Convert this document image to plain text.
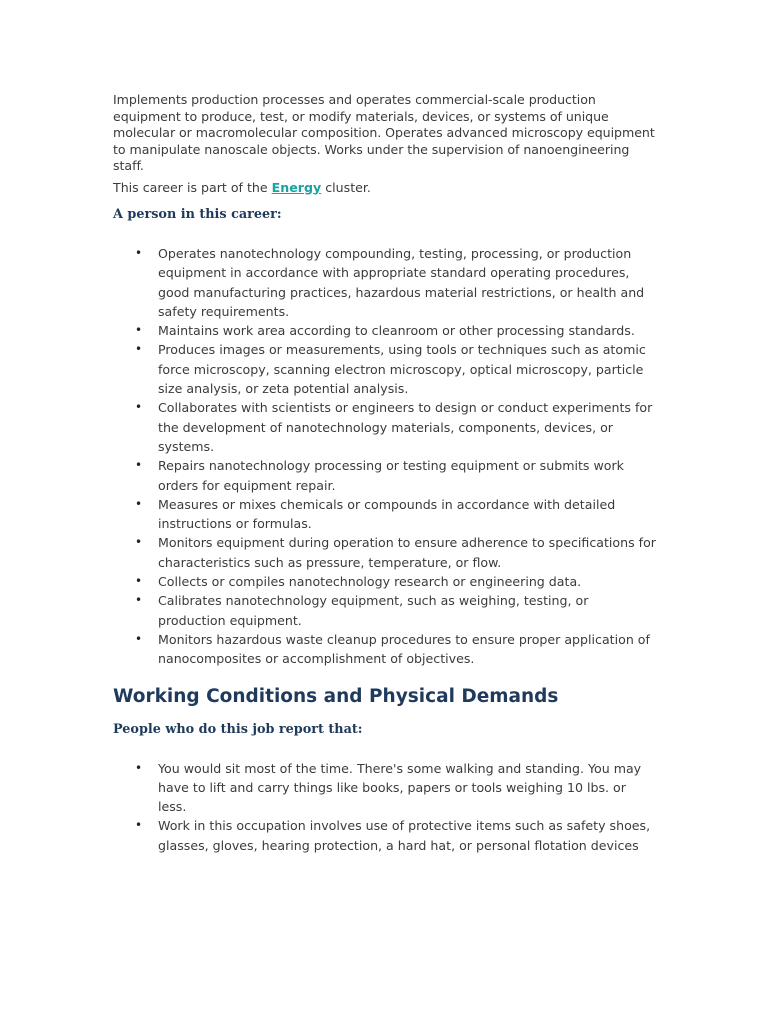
Implements production processes and operates commercial-scale production equipment to produce, test, or modify materials, devices, or systems of unique molecular or macromolecular composition. Operates advanced microscopy equipment to manipulate nanoscale objects. Works under the supervision of nanoengineering staff.

This career is part of the Energy cluster.

A person in this career:
• Operates nanotechnology compounding, testing, processing, or production equipment in accordance with appropriate standard operating procedures, good manufacturing practices, hazardous material restrictions, or health and safety requirements.
• Maintains work area according to cleanroom or other processing standards.
• Produces images or measurements, using tools or techniques such as atomic force microscopy, scanning electron microscopy, optical microscopy, particle size analysis, or zeta potential analysis.
• Collaborates with scientists or engineers to design or conduct experiments for the development of nanotechnology materials, components, devices, or systems.
• Repairs nanotechnology processing or testing equipment or submits work orders for equipment repair.
• Measures or mixes chemicals or compounds in accordance with detailed instructions or formulas.
• Monitors equipment during operation to ensure adherence to specifications for characteristics such as pressure, temperature, or flow.
• Collects or compiles nanotechnology research or engineering data.
• Calibrates nanotechnology equipment, such as weighing, testing, or production equipment.
• Monitors hazardous waste cleanup procedures to ensure proper application of nanocomposites or accomplishment of objectives.
Working Conditions and Physical Demands
People who do this job report that:
• You would sit most of the time. There's some walking and standing. You may have to lift and carry things like books, papers or tools weighing 10 lbs. or less.
• Work in this occupation involves use of protective items such as safety shoes, glasses, gloves, hearing protection, a hard hat, or personal flotation devices
